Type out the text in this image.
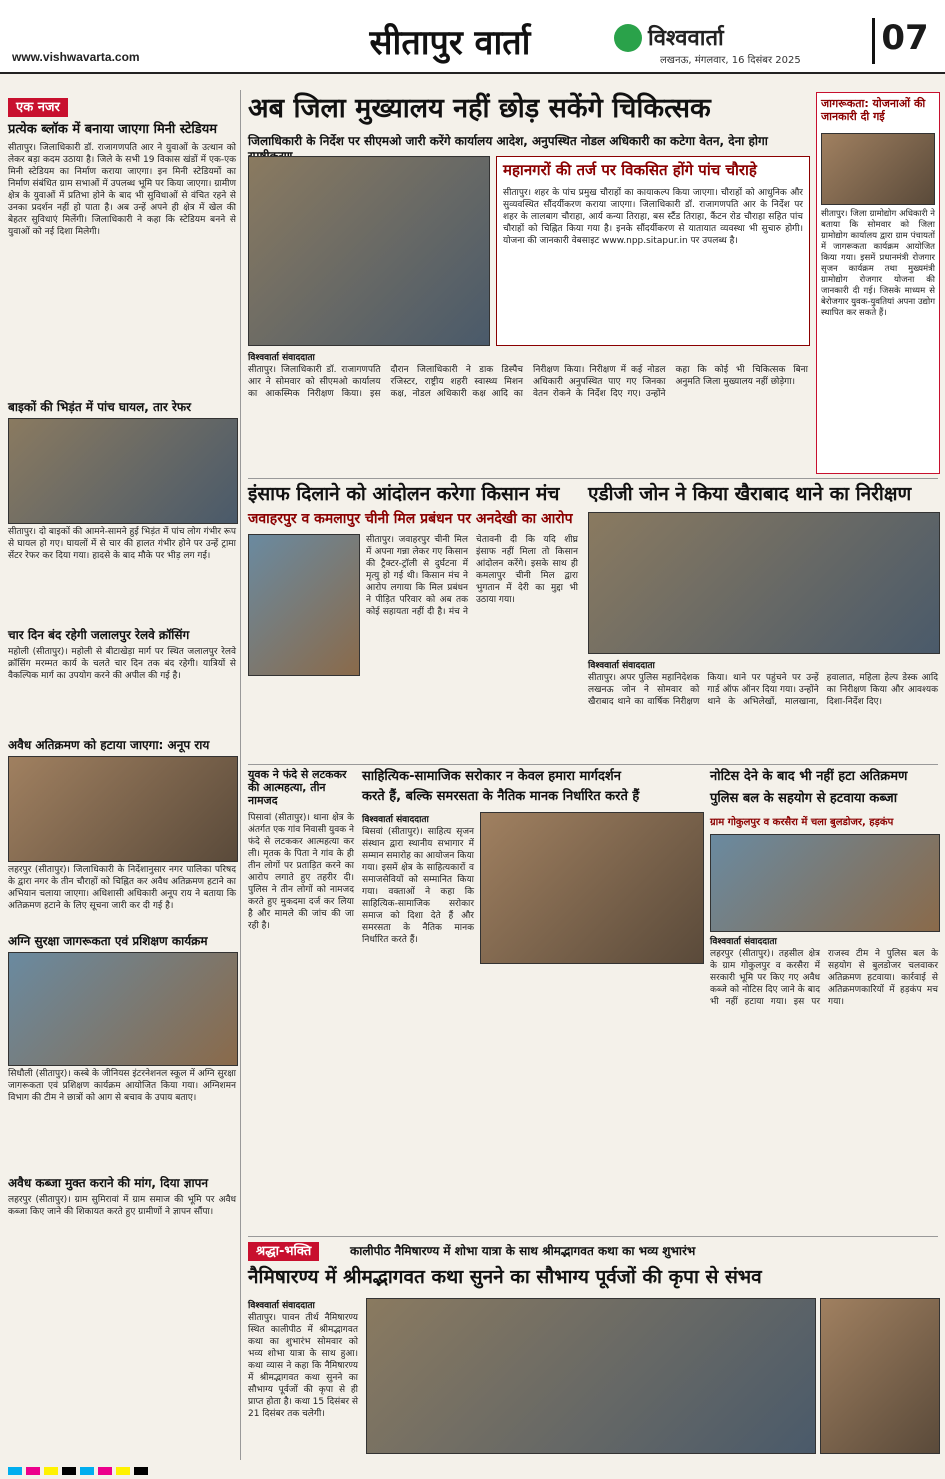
www.vishwavarta.com	सीतापुर वार्ता	विश्ववार्ता
लखनऊ, मंगलवार, 16 दिसंबर 2025
07
एक नजर
प्रत्येक ब्लॉक में बनाया जाएगा मिनी स्टेडियम
सीतापुर। जिलाधिकारी डॉ. राजागणपति आर ने युवाओं के उत्थान को लेकर बड़ा कदम उठाया है। जिले के सभी 19 विकास खंडों में एक-एक मिनी स्टेडियम का निर्माण कराया जाएगा। इन मिनी स्टेडियमों का निर्माण संबंधित ग्राम सभाओं में उपलब्ध भूमि पर किया जाएगा। ग्रामीण क्षेत्र के युवाओं में प्रतिभा होने के बाद भी सुविधाओं से वंचित रहने से उनका प्रदर्शन नहीं हो पाता है। अब उन्हें अपने ही क्षेत्र में खेल की बेहतर सुविधाएं मिलेंगी। जिलाधिकारी ने कहा कि स्टेडियम बनने से युवाओं को नई दिशा मिलेगी।
बाइकों की भिड़ंत में पांच घायल, तार रेफर
सीतापुर। दो बाइकों की आमने-सामने हुई भिड़ंत में पांच लोग गंभीर रूप से घायल हो गए। घायलों में से चार की हालत गंभीर होने पर उन्हें ट्रामा सेंटर रेफर कर दिया गया। हादसे के बाद मौके पर भीड़ लग गई।
चार दिन बंद रहेगी जलालपुर रेलवे क्रॉसिंग
महोली (सीतापुर)। महोली से बीटाखेड़ा मार्ग पर स्थित जलालपुर रेलवे क्रॉसिंग मरम्मत कार्य के चलते चार दिन तक बंद रहेगी। यात्रियों से वैकल्पिक मार्ग का उपयोग करने की अपील की गई है।
अवैध अतिक्रमण को हटाया जाएगा: अनूप राय
लहरपुर (सीतापुर)। जिलाधिकारी के निर्देशानुसार नगर पालिका परिषद के द्वारा नगर के तीन चौराहों को चिह्नित कर अवैध अतिक्रमण हटाने का अभियान चलाया जाएगा। अधिशासी अधिकारी अनूप राय ने बताया कि अतिक्रमण हटाने के लिए सूचना जारी कर दी गई है।
अग्नि सुरक्षा जागरूकता एवं प्रशिक्षण कार्यक्रम
सिधौली (सीतापुर)। कस्बे के जीनियस इंटरनेशनल स्कूल में अग्नि सुरक्षा जागरूकता एवं प्रशिक्षण कार्यक्रम आयोजित किया गया। अग्निशमन विभाग की टीम ने छात्रों को आग से बचाव के उपाय बताए।
अवैध कब्जा मुक्त कराने की मांग, दिया ज्ञापन
लहरपुर (सीतापुर)। ग्राम सुमिरावां में ग्राम समाज की भूमि पर अवैध कब्जा किए जाने की शिकायत करते हुए ग्रामीणों ने ज्ञापन सौंपा।
अब जिला मुख्यालय नहीं छोड़ सकेंगे चिकित्सक
जिलाधिकारी के निर्देश पर सीएमओ जारी करेंगे कार्यालय आदेश, अनुपस्थित नोडल अधिकारी का कटेगा वेतन, देना होगा
महानगरों की तर्ज पर विकसित होंगे पांच चौराहे
सीतापुर। शहर के पांच प्रमुख चौराहों का कायाकल्प किया जाएगा। चौराहों को आधुनिक और सुव्यवस्थित सौंदर्यीकरण कराया जाएगा। जिलाधिकारी डॉ. राजागणपति आर के निर्देश पर शहर के लालबाग चौराहा, आर्य कन्या तिराहा, बस स्टैंड तिराहा, कैंटन रोड चौराहा सहित पांच चौराहों को चिह्नित किया गया है। इनके सौंदर्यीकरण से यातायात व्यवस्था भी सुचारु होगी। योजना की जानकारी वेबसाइट www.npp.sitapur.in पर उपलब्ध है।
विश्ववार्ता संवाददाता
सीतापुर। जिलाधिकारी डॉ. राजागणपति आर ने सोमवार को सीएमओ कार्यालय का आकस्मिक निरीक्षण किया। इस दौरान जिलाधिकारी ने डाक डिस्पैच रजिस्टर, राष्ट्रीय शहरी स्वास्थ्य मिशन कक्ष, नोडल अधिकारी कक्ष आदि का निरीक्षण किया। निरीक्षण में कई नोडल अधिकारी अनुपस्थित पाए गए जिनका वेतन रोकने के निर्देश दिए गए। उन्होंने कहा कि कोई भी चिकित्सक बिना अनुमति जिला मुख्यालय नहीं छोड़ेगा।
जागरूकता: योजनाओं की जानकारी दी गई
सीतापुर। जिला ग्रामोद्योग अधिकारी ने बताया कि सोमवार को जिला ग्रामोद्योग कार्यालय द्वारा ग्राम पंचायतों में जागरूकता कार्यक्रम आयोजित किया गया। इसमें प्रधानमंत्री रोजगार सृजन कार्यक्रम तथा मुख्यमंत्री ग्रामोद्योग रोजगार योजना की जानकारी दी गई। जिसके माध्यम से बेरोजगार युवक-युवतियां अपना उद्योग स्थापित कर सकते हैं।
इंसाफ दिलाने को आंदोलन करेगा किसान मंच
जवाहरपुर व कमलापुर चीनी मिल प्रबंधन पर अनदेखी का आरोप
सीतापुर। जवाहरपुर चीनी मिल में अपना गन्ना लेकर गए किसान की ट्रैक्टर-ट्रॉली से दुर्घटना में मृत्यु हो गई थी। किसान मंच ने आरोप लगाया कि मिल प्रबंधन ने पीड़ित परिवार को अब तक कोई सहायता नहीं दी है। मंच ने चेतावनी दी कि यदि शीघ्र इंसाफ नहीं मिला तो किसान आंदोलन करेंगे। इसके साथ ही कमलापुर चीनी मिल द्वारा भुगतान में देरी का मुद्दा भी उठाया गया।
एडीजी जोन ने किया खैराबाद थाने का निरीक्षण
विश्ववार्ता संवाददाता
सीतापुर। अपर पुलिस महानिदेशक लखनऊ जोन ने सोमवार को खैराबाद थाने का वार्षिक निरीक्षण किया। थाने पर पहुंचने पर उन्हें गार्ड ऑफ ऑनर दिया गया। उन्होंने थाने के अभिलेखों, मालखाना, हवालात, महिला हेल्प डेस्क आदि का निरीक्षण किया और आवश्यक दिशा-निर्देश दिए।
युवक ने फंदे से लटककर की आत्महत्या, तीन नामजद
पिसावां (सीतापुर)। थाना क्षेत्र के अंतर्गत एक गांव निवासी युवक ने फंदे से लटककर आत्महत्या कर ली। मृतक के पिता ने गांव के ही तीन लोगों पर प्रताड़ित करने का आरोप लगाते हुए तहरीर दी। पुलिस ने तीन लोगों को नामजद करते हुए मुकदमा दर्ज कर लिया है और मामले की जांच की जा रही है।
साहित्यिक-सामाजिक सरोकार न केवल हमारा मार्गदर्शन
करते हैं, बल्कि समरसता के नैतिक मानक निर्धारित करते हैं
विश्ववार्ता संवाददाता
बिसवां (सीतापुर)। साहित्य सृजन संस्थान द्वारा स्थानीय सभागार में सम्मान समारोह का आयोजन किया गया। इसमें क्षेत्र के साहित्यकारों व समाजसेवियों को सम्मानित किया गया। वक्ताओं ने कहा कि साहित्यिक-सामाजिक सरोकार समाज को दिशा देते हैं और समरसता के नैतिक मानक निर्धारित करते हैं।
नोटिस देने के बाद भी नहीं हटा अतिक्रमण
पुलिस बल के सहयोग से हटवाया कब्जा
ग्राम गोकुलपुर व करसैरा में चला बुलडोजर, हड़कंप
विश्ववार्ता संवाददाता
लहरपुर (सीतापुर)। तहसील क्षेत्र के ग्राम गोकुलपुर व करसैरा में सरकारी भूमि पर किए गए अवैध कब्जे को नोटिस दिए जाने के बाद भी नहीं हटाया गया। इस पर राजस्व टीम ने पुलिस बल के सहयोग से बुलडोजर चलवाकर अतिक्रमण हटवाया। कार्रवाई से अतिक्रमणकारियों में हड़कंप मच गया।
श्रद्धा-भक्ति	कालीपीठ नैमिषारण्य में शोभा यात्रा के साथ श्रीमद्भागवत कथा का भव्य शुभारंभ
नैमिषारण्य में श्रीमद्भागवत कथा सुनने का सौभाग्य पूर्वजों की कृपा से संभव
विश्ववार्ता संवाददाता
सीतापुर। पावन तीर्थ नैमिषारण्य स्थित कालीपीठ में श्रीमद्भागवत कथा का शुभारंभ सोमवार को भव्य शोभा यात्रा के साथ हुआ। कथा व्यास ने कहा कि नैमिषारण्य में श्रीमद्भागवत कथा सुनने का सौभाग्य पूर्वजों की कृपा से ही प्राप्त होता है। कथा 15 दिसंबर से 21 दिसंबर तक चलेगी।
